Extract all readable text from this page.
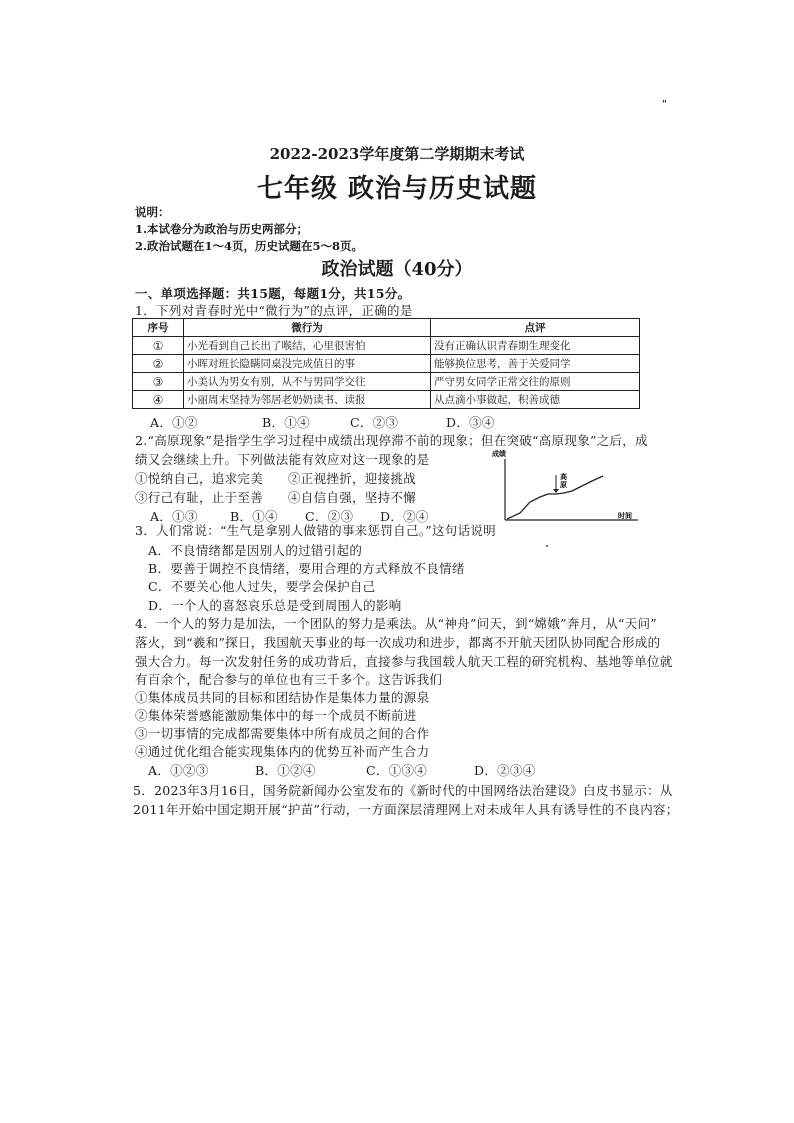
"
2022-2023学年度第二学期期末考试
七年级 政治与历史试题
说明：
1.本试卷分为政治与历史两部分；
2.政治试题在1～4页，历史试题在5～8页。
政治试题（40分）
一、单项选择题：共15题，每题1分，共15分。
1．下列对青春时光中“微行为”的点评，正确的是
序号	微行为	点评
①	小光看到自己长出了喉结，心里很害怕	没有正确认识青春期生理变化
②	小晖对班长隐瞒同桌没完成值日的事	能够换位思考，善于关爱同学
③	小美认为男女有别，从不与男同学交往	严守男女同学正常交往的原则
④	小丽周末坚持为邻居老奶奶读书、读报	从点滴小事做起，积善成德
A．①②	B．①④	C．②③	D．③④
2.“高原现象”是指学生学习过程中成绩出现停滞不前的现象；但在突破“高原现象”之后，成
绩又会继续上升。下列做法能有效应对这一现象的是
①悦纳自己，追求完美 ②正视挫折，迎接挑战
③行己有耻，止于至善 ④自信自强，坚持不懈
A．①③	B．①④ C．②③ D．②④
成绩
时间
高
原
3．人们常说：“生气是拿别人做错的事来惩罚自己。”这句话说明
A．不良情绪都是因别人的过错引起的
B．要善于调控不良情绪，要用合理的方式释放不良情绪
C．不要关心他人过失，要学会保护自己
D．一个人的喜怒哀乐总是受到周围人的影响
4．一个人的努力是加法，一个团队的努力是乘法。从“神舟”问天，到“嫦娥”奔月，从“天问”
落火，到“羲和”探日，我国航天事业的每一次成功和进步，都离不开航天团队协同配合形成的
强大合力。每一次发射任务的成功背后，直接参与我国载人航天工程的研究机构、基地等单位就
有百余个，配合参与的单位也有三千多个。这告诉我们
①集体成员共同的目标和团结协作是集体力量的源泉
②集体荣誉感能激励集体中的每一个成员不断前进
③一切事情的完成都需要集体中所有成员之间的合作
④通过优化组合能实现集体内的优势互补而产生合力
A．①②③	B．①②④	C．①③④	D．②③④
5．2023年3月16日，国务院新闻办公室发布的《新时代的中国网络法治建设》白皮书显示：从
2011年开始中国定期开展“护苗”行动，一方面深层清理网上对未成年人具有诱导性的不良内容；
